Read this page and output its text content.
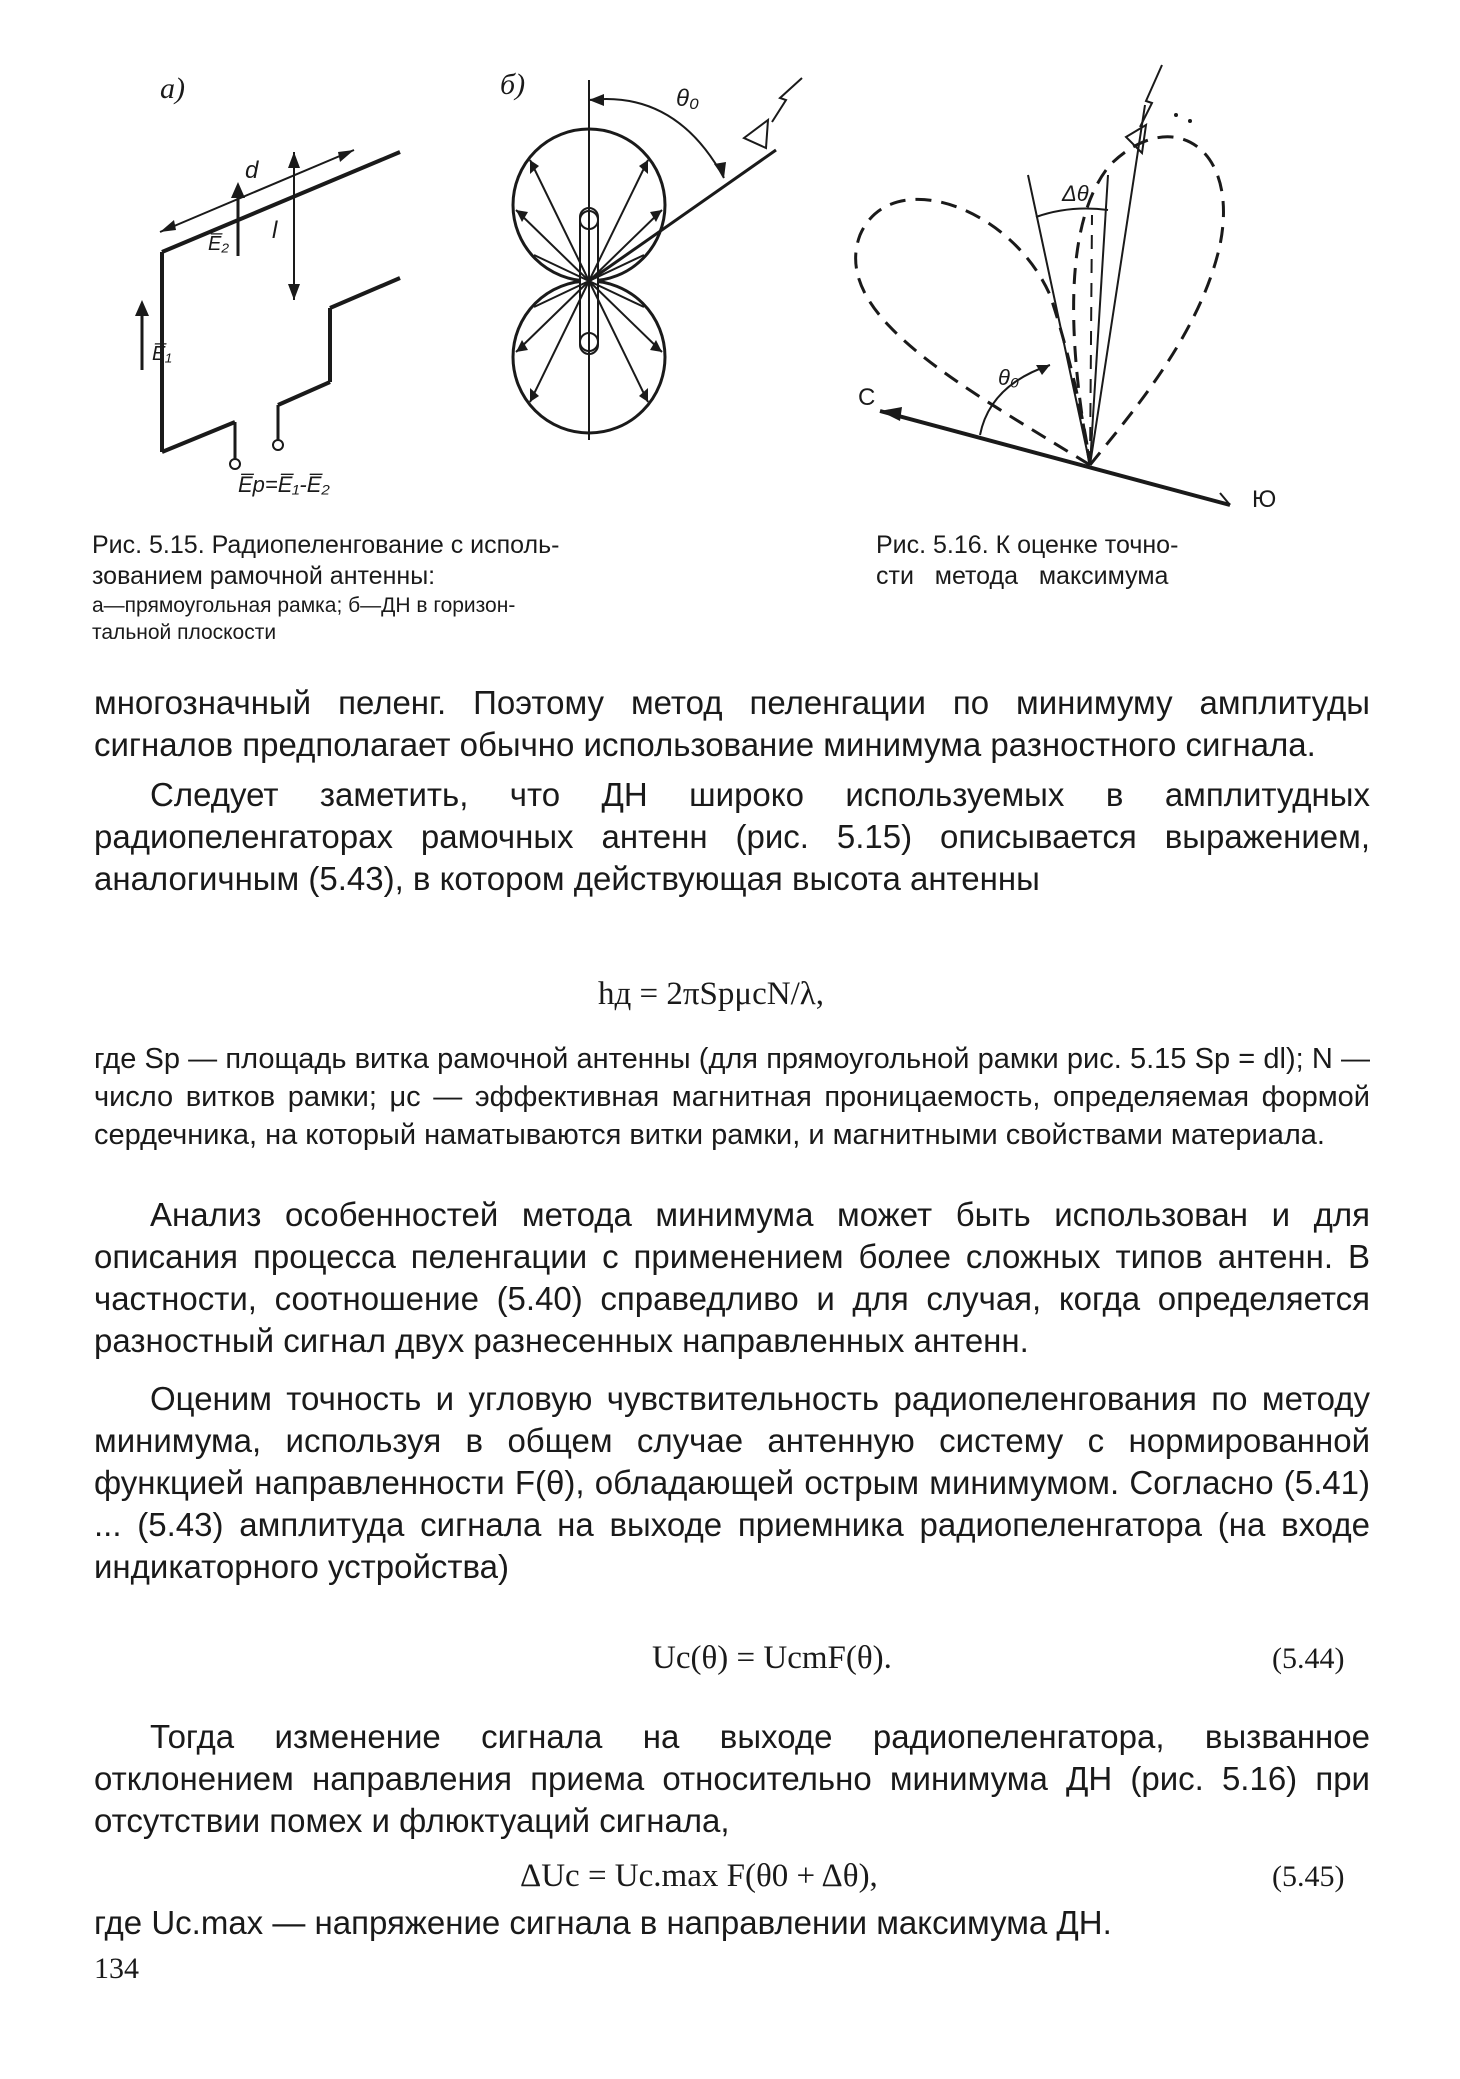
а)
d
l
E̅₂
E̅₁
E̅р=E̅₁-E̅₂
б)	θ₀
С
Ю
Δθ
θ₀
Рис. 5.15. Радиопеленгование с исполь-
зованием рамочной антенны:
а—прямоугольная рамка; б—ДН в горизон-
тальной плоскости
Рис. 5.16. К оценке точно-
сти   метода   максимума

многозначный пеленг. Поэтому метод пеленгации по минимуму амплитуды сигналов предполагает обычно использование минимума разностного сигнала.

Следует заметить, что ДН широко используемых в амплитудных радиопеленгаторах рамочных антенн (рис. 5.15) описывается выражением, аналогичным (5.43), в котором действующая высота антенны

hд = 2πSрμcN/λ,

где Sр — площадь витка рамочной антенны (для прямоугольной рамки рис. 5.15 Sр = dl); N — число витков рамки; μc — эффективная магнитная проницаемость, определяемая формой сердечника, на который наматываются витки рамки, и магнитными свойствами материала.

Анализ особенностей метода минимума может быть использован и для описания процесса пеленгации с применением более сложных типов антенн. В частности, соотношение (5.40) справедливо и для случая, когда определяется разностный сигнал двух разнесенных направленных антенн.

Оценим точность и угловую чувствительность радиопеленгования по методу минимума, используя в общем случае антенную систему с нормированной функцией направленности F(θ), обладающей острым минимумом. Согласно (5.41) ... (5.43) амплитуда сигнала на выходе приемника радиопеленгатора (на входе индикаторного устройства)

Uc(θ) = UcmF(θ).	(5.44)

Тогда изменение сигнала на выходе радиопеленгатора, вызванное отклонением направления приема относительно минимума ДН (рис. 5.16) при отсутствии помех и флюктуаций сигнала,

ΔUc = Uc.max F(θ0 + Δθ),	(5.45)

где Uc.max — напряжение сигнала в направлении максимума ДН.

134
